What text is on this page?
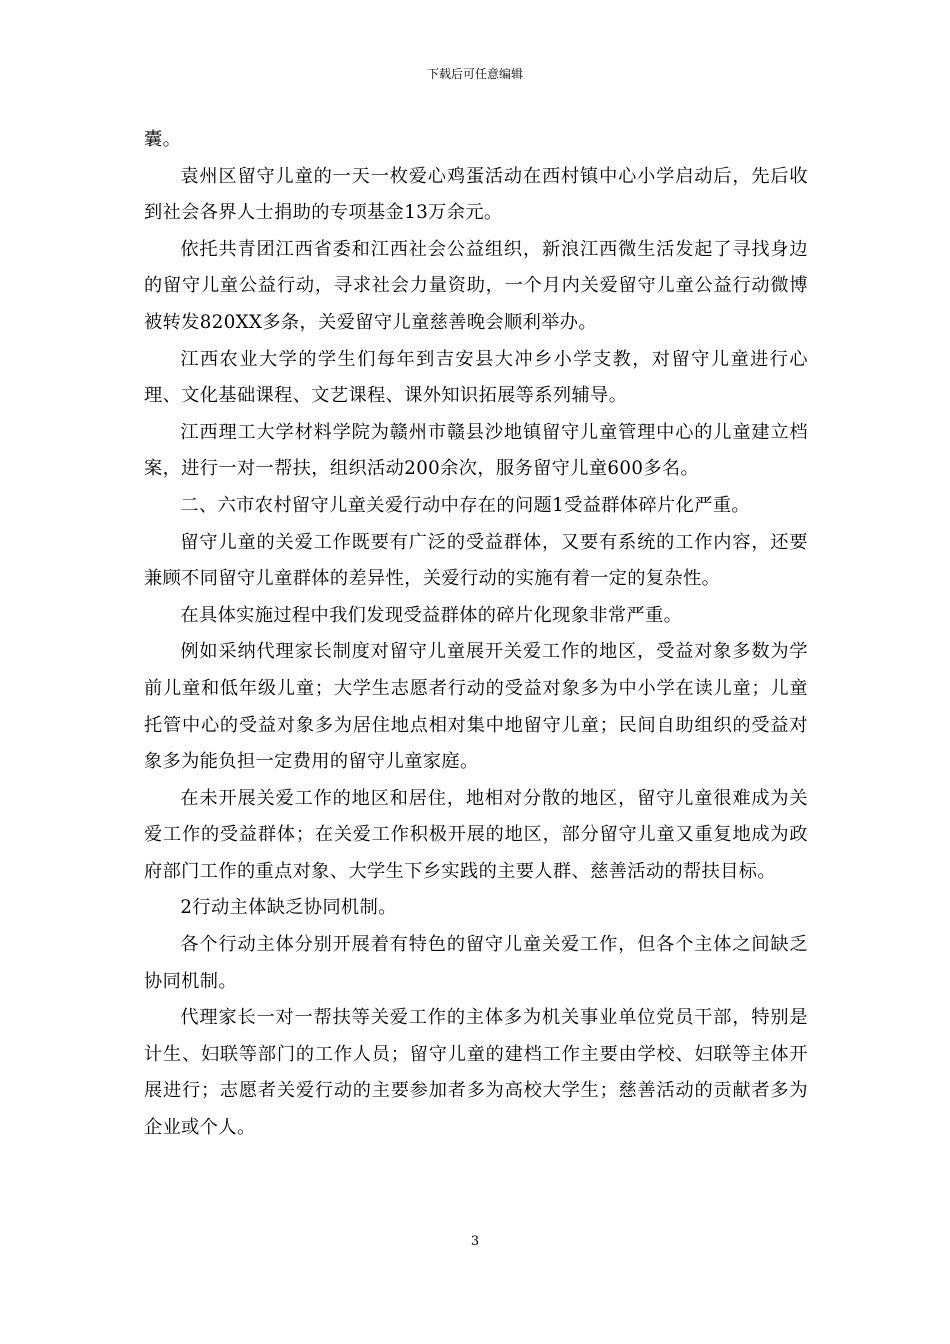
下载后可任意编辑

囊。

袁州区留守儿童的一天一枚爱心鸡蛋活动在西村镇中心小学启动后，先后收到社会各界人士捐助的专项基金13万余元。

依托共青团江西省委和江西社会公益组织，新浪江西微生活发起了寻找身边的留守儿童公益行动，寻求社会力量资助，一个月内关爱留守儿童公益行动微博被转发820XX多条，关爱留守儿童慈善晚会顺利举办。

江西农业大学的学生们每年到吉安县大冲乡小学支教，对留守儿童进行心理、文化基础课程、文艺课程、课外知识拓展等系列辅导。

江西理工大学材料学院为赣州市赣县沙地镇留守儿童管理中心的儿童建立档案，进行一对一帮扶，组织活动200余次，服务留守儿童600多名。

二、六市农村留守儿童关爱行动中存在的问题1受益群体碎片化严重。

留守儿童的关爱工作既要有广泛的受益群体，又要有系统的工作内容，还要兼顾不同留守儿童群体的差异性，关爱行动的实施有着一定的复杂性。

在具体实施过程中我们发现受益群体的碎片化现象非常严重。

例如采纳代理家长制度对留守儿童展开关爱工作的地区，受益对象多数为学前儿童和低年级儿童；大学生志愿者行动的受益对象多为中小学在读儿童；儿童托管中心的受益对象多为居住地点相对集中地留守儿童；民间自助组织的受益对象多为能负担一定费用的留守儿童家庭。

在未开展关爱工作的地区和居住，地相对分散的地区，留守儿童很难成为关爱工作的受益群体；在关爱工作积极开展的地区，部分留守儿童又重复地成为政府部门工作的重点对象、大学生下乡实践的主要人群、慈善活动的帮扶目标。

2行动主体缺乏协同机制。

各个行动主体分别开展着有特色的留守儿童关爱工作，但各个主体之间缺乏协同机制。

代理家长一对一帮扶等关爱工作的主体多为机关事业单位党员干部，特别是计生、妇联等部门的工作人员；留守儿童的建档工作主要由学校、妇联等主体开展进行；志愿者关爱行动的主要参加者多为高校大学生；慈善活动的贡献者多为企业或个人。

3
